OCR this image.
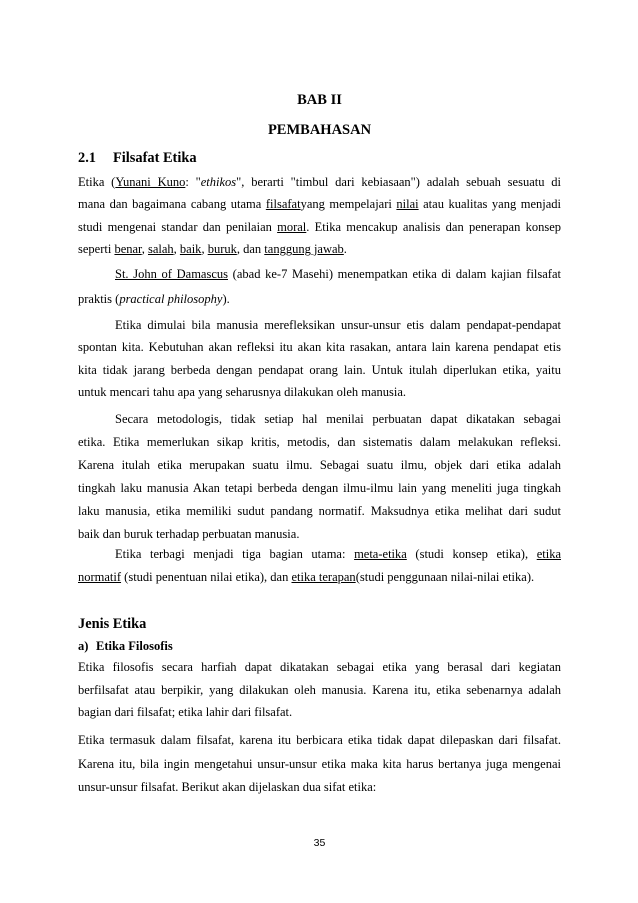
BAB II
PEMBAHASAN
2.1 Filsafat Etika
Etika (Yunani Kuno: "ethikos", berarti "timbul dari kebiasaan") adalah sebuah sesuatu di
mana dan bagaimana cabang utama filsafatyang mempelajari nilai atau kualitas yang menjadi
studi mengenai standar dan penilaian moral. Etika mencakup analisis dan penerapan konsep
seperti benar, salah, baik, buruk, dan tanggung jawab.
St. John of Damascus (abad ke-7 Masehi) menempatkan etika di dalam kajian filsafat
praktis (practical philosophy).
Etika dimulai bila manusia merefleksikan unsur-unsur etis dalam pendapat-pendapat
spontan kita. Kebutuhan akan refleksi itu akan kita rasakan, antara lain karena pendapat etis
kita tidak jarang berbeda dengan pendapat orang lain. Untuk itulah diperlukan etika, yaitu
untuk mencari tahu apa yang seharusnya dilakukan oleh manusia.
Secara metodologis, tidak setiap hal menilai perbuatan dapat dikatakan sebagai
etika. Etika memerlukan sikap kritis, metodis, dan sistematis dalam melakukan refleksi.
Karena itulah etika merupakan suatu ilmu. Sebagai suatu ilmu, objek dari etika adalah
tingkah laku manusia Akan tetapi berbeda dengan ilmu-ilmu lain yang meneliti juga tingkah
laku manusia, etika memiliki sudut pandang normatif. Maksudnya etika melihat dari sudut
baik dan buruk terhadap perbuatan manusia.
Etika terbagi menjadi tiga bagian utama: meta-etika (studi konsep etika), etika
normatif (studi penentuan nilai etika), dan etika terapan(studi penggunaan nilai-nilai etika).
Jenis Etika
a) Etika Filosofis
Etika filosofis secara harfiah dapat dikatakan sebagai etika yang berasal dari kegiatan
berfilsafat atau berpikir, yang dilakukan oleh manusia. Karena itu, etika sebenarnya adalah
bagian dari filsafat; etika lahir dari filsafat.
Etika termasuk dalam filsafat, karena itu berbicara etika tidak dapat dilepaskan dari filsafat.
Karena itu, bila ingin mengetahui unsur-unsur etika maka kita harus bertanya juga mengenai
unsur-unsur filsafat. Berikut akan dijelaskan dua sifat etika:
35
